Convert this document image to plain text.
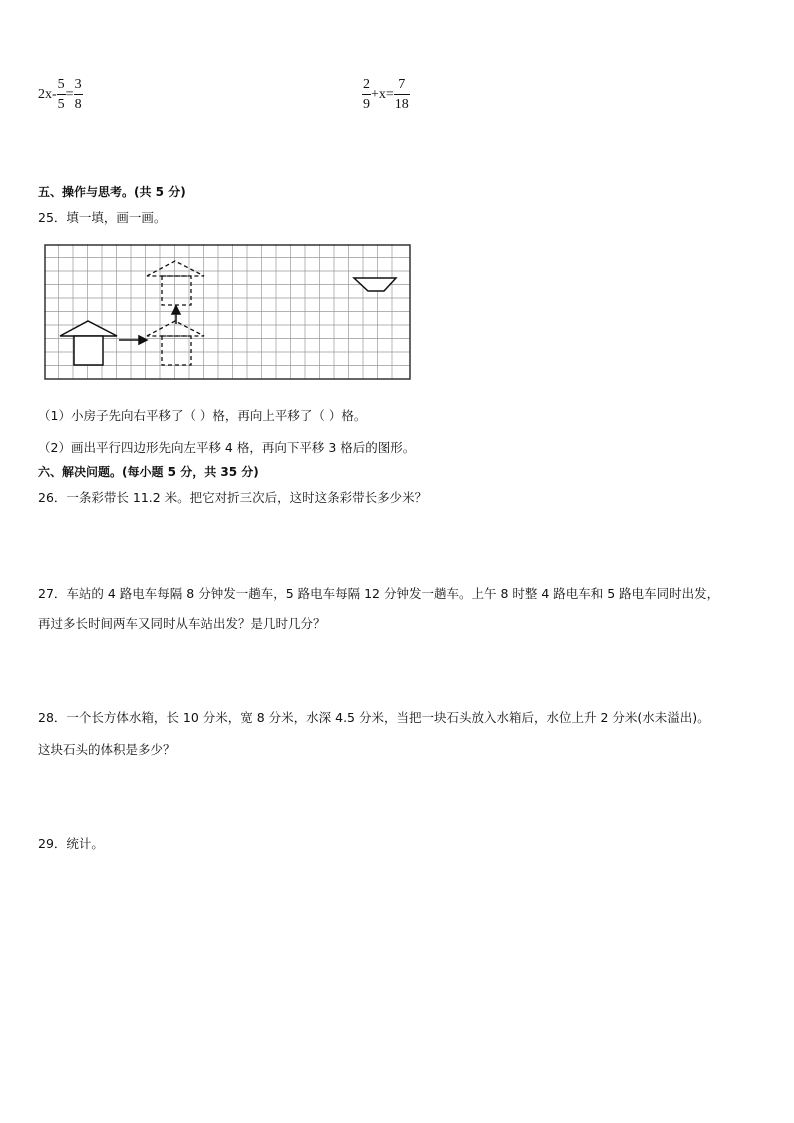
$2x- \frac{5}{5} = \frac{3}{8}$	$\frac{2}{9} +x= \frac{7}{18}$
五、操作与思考。(共 5 分)
25．填一填，画一画。
（1）小房子先向右平移了（ ）格，再向上平移了（ ）格。
（2）画出平行四边形先向左平移 4 格，再向下平移 3 格后的图形。
六、解决问题。(每小题 5 分，共 35 分)
26．一条彩带长 11.2 米。把它对折三次后，这时这条彩带长多少米？
27．车站的 4 路电车每隔 8 分钟发一趟车，5 路电车每隔 12 分钟发一趟车。上午 8 时整 4 路电车和 5 路电车同时出发，
再过多长时间两车又同时从车站出发？是几时几分？
28．一个长方体水箱，长 10 分米，宽 8 分米，水深 4.5 分米，当把一块石头放入水箱后，水位上升 2 分米(水未溢出)。
这块石头的体积是多少？
29．统计。
